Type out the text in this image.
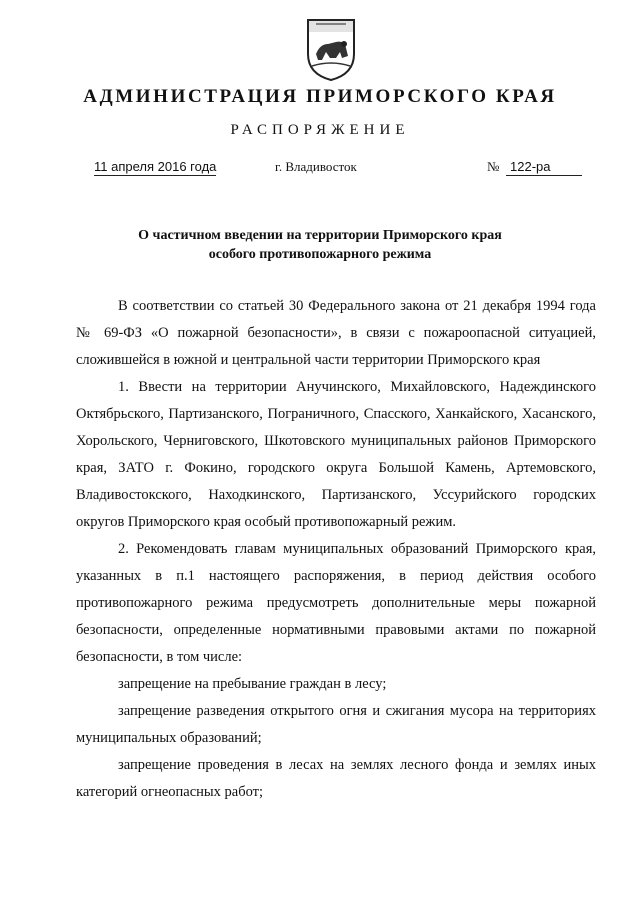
АДМИНИСТРАЦИЯ ПРИМОРСКОГО КРАЯ
РАСПОРЯЖЕНИЕ
11 апреля 2016 года	г. Владивосток	№ 122-ра
О частичном введении на территории Приморского края
особого противопожарного режима

В соответствии со статьей 30 Федерального закона от 21 декабря 1994 года № 69-ФЗ «О пожарной безопасности», в связи с пожароопасной ситуацией, сложившейся в южной и центральной части территории Приморского края

1. Ввести на территории Анучинского, Михайловского, Надеждинского Октябрьского, Партизанского, Пограничного, Спасского, Ханкайского, Хасанского, Хорольского, Черниговского, Шкотовского муниципальных районов Приморского края, ЗАТО г. Фокино, городского округа Большой Камень, Артемовского, Владивостокского, Находкинского, Партизанского, Уссурийского городских округов Приморского края особый противопожарный режим.

2. Рекомендовать главам муниципальных образований Приморского края, указанных в п.1 настоящего распоряжения, в период действия особого противопожарного режима предусмотреть дополнительные меры пожарной безопасности, определенные нормативными правовыми актами по пожарной безопасности, в том числе:

запрещение на пребывание граждан в лесу;

запрещение разведения открытого огня и сжигания мусора на территориях муниципальных образований;

запрещение проведения в лесах на землях лесного фонда и землях иных категорий огнеопасных работ;
